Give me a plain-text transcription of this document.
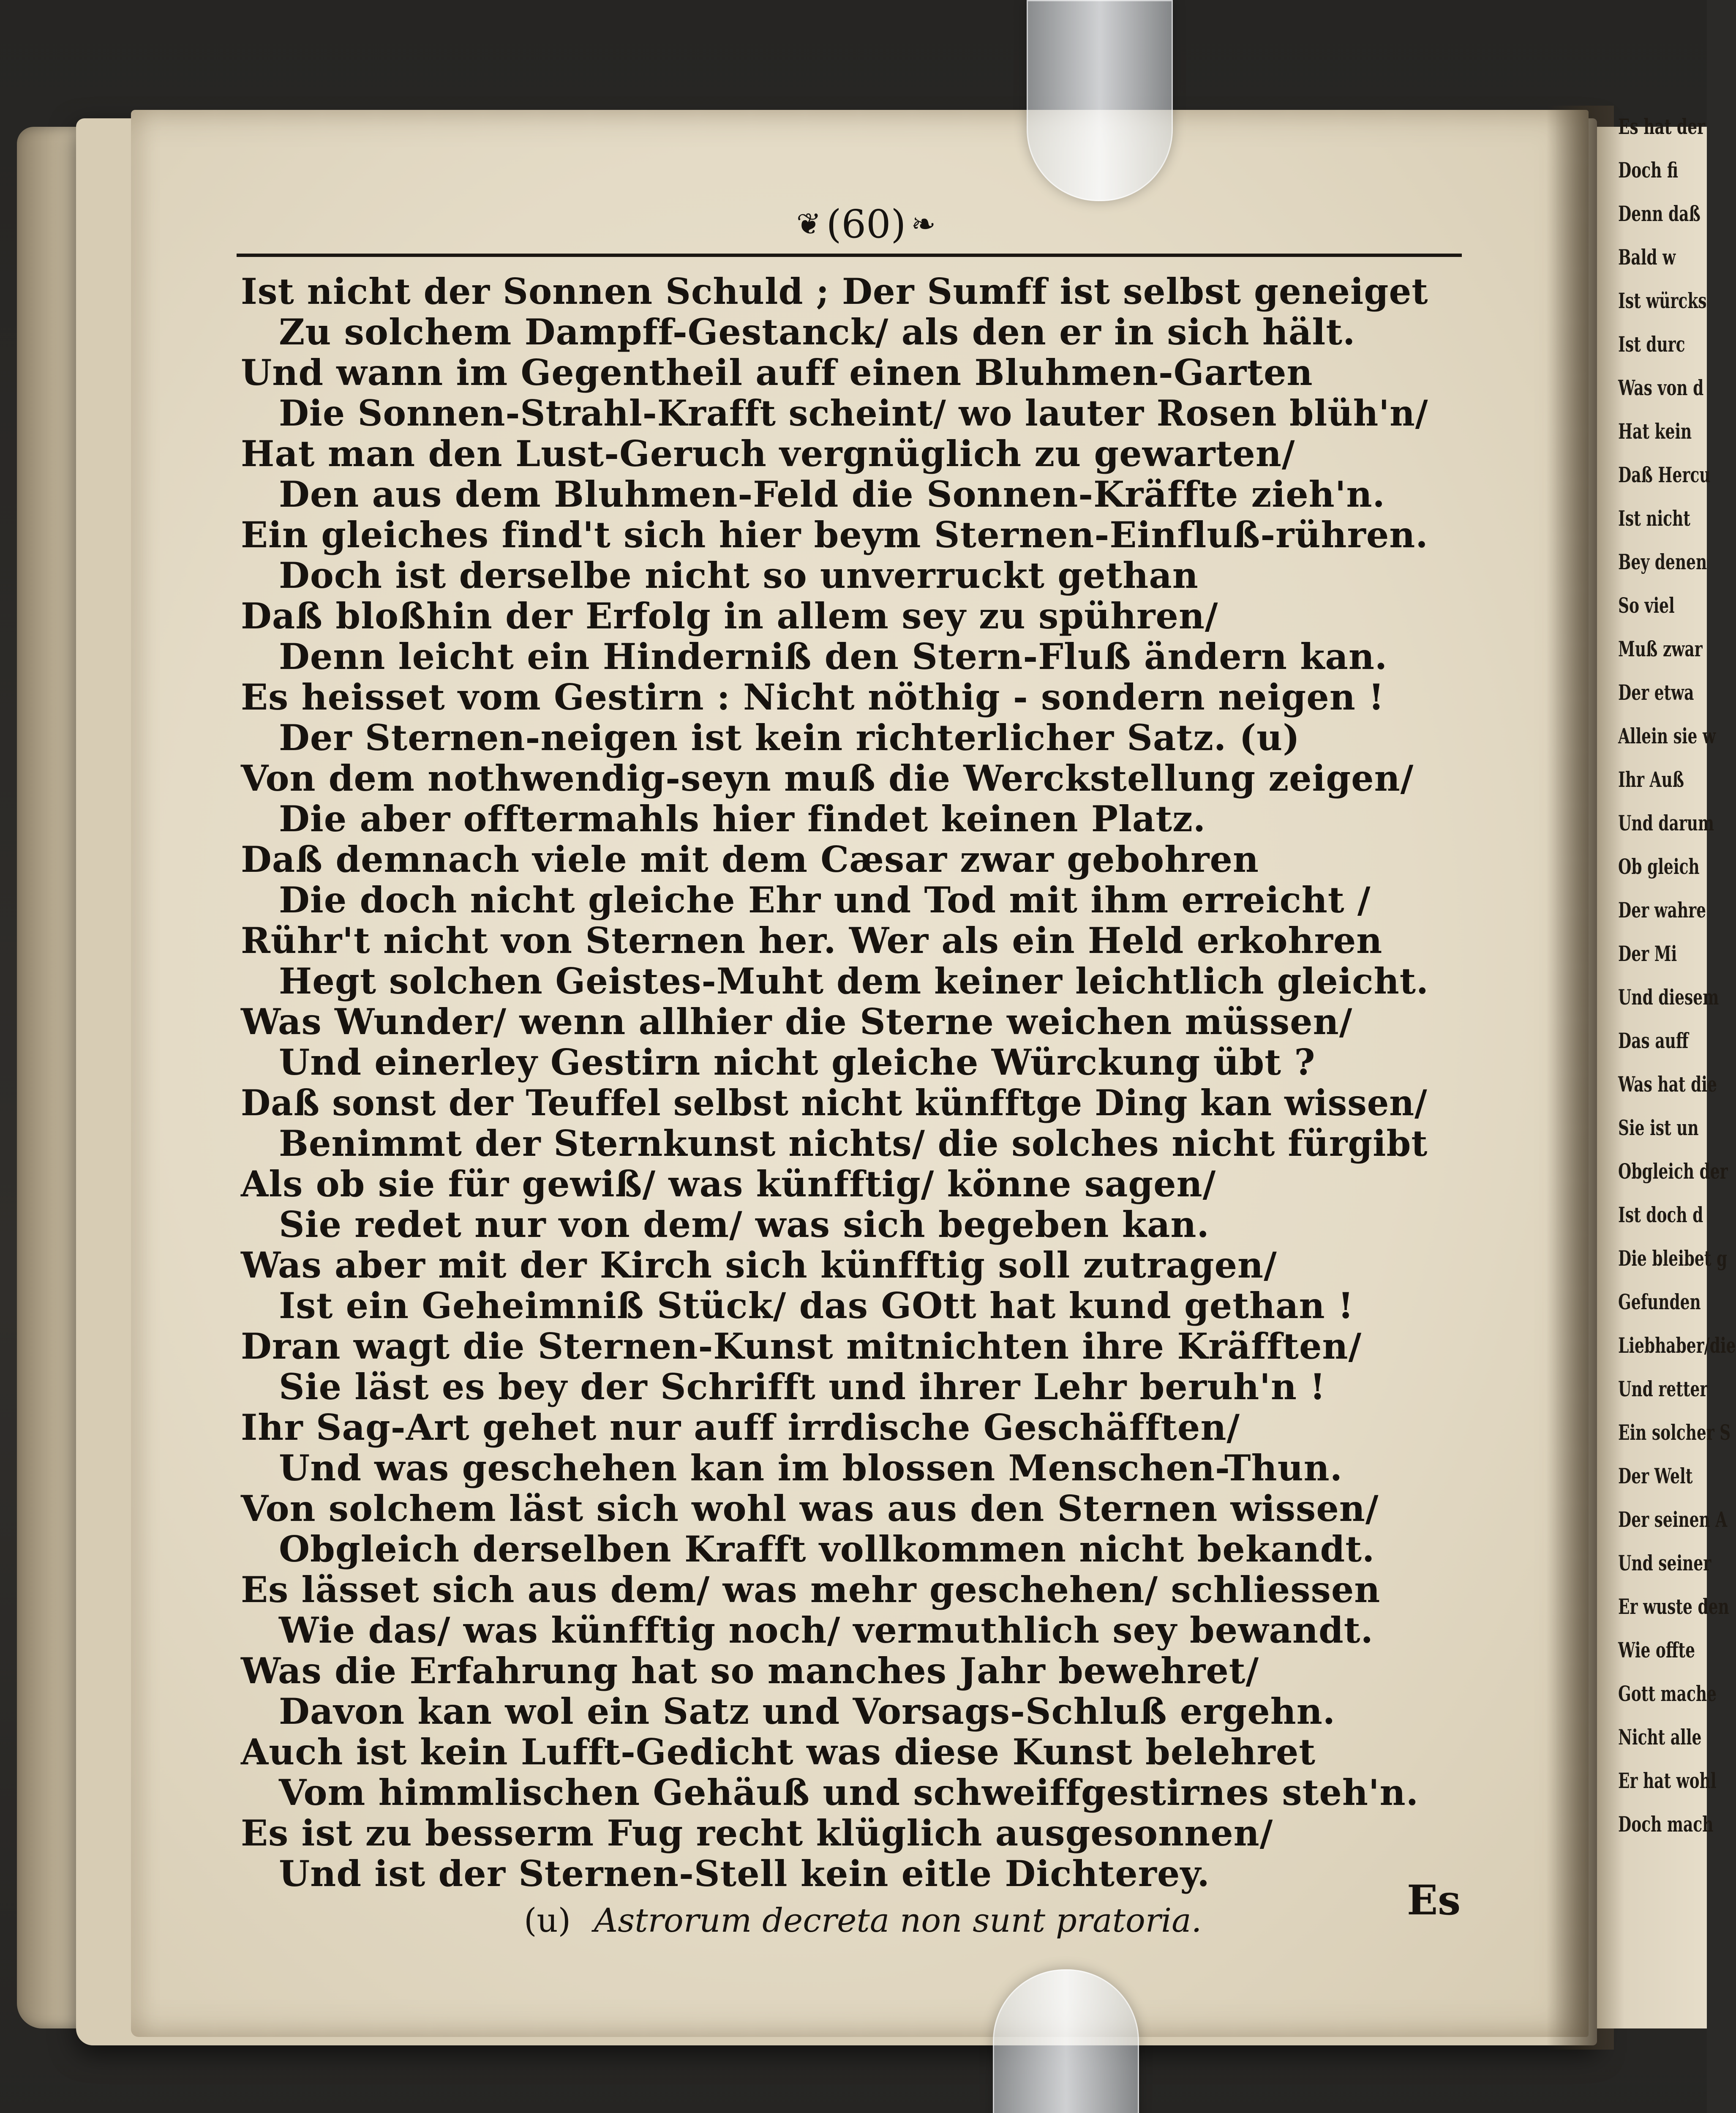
Es hat der
Doch fi
Denn daß
Bald w
Ist würcks
Ist durc
Was von d
Hat kein
Daß Hercu
Ist nicht
Bey denen
So viel
Muß zwar
Der etwa
Allein sie w
Ihr Auß
Und darum
Ob gleich
Der wahre
Der Mi
Und diesem
Das auff
Was hat die
Sie ist un
Obgleich der
Ist doch d
Die bleibet g
Gefunden
Liebhaber/die
Und retter
Ein solcher S
Der Welt
Der seinen A
Und seiner
Er wuste den
Wie offte
Gott mache
Nicht alle
Er hat wohl
Doch mach
❦ (60) ❧
Ist nicht der Sonnen Schuld ; Der Sumff ist selbst geneiget
Zu solchem Dampff-Gestanck/ als den er in sich hält.
Und wann im Gegentheil auff einen Bluhmen-Garten
Die Sonnen-Strahl-Krafft scheint/ wo lauter Rosen blüh'n/
Hat man den Lust-Geruch vergnüglich zu gewarten/
Den aus dem Bluhmen-Feld die Sonnen-Kräffte zieh'n.
Ein gleiches find't sich hier beym Sternen-Einfluß-rühren.
Doch ist derselbe nicht so unverruckt gethan
Daß bloßhin der Erfolg in allem sey zu spühren/
Denn leicht ein Hinderniß den Stern-Fluß ändern kan.
Es heisset vom Gestirn : Nicht nöthig - sondern neigen !
Der Sternen-neigen ist kein richterlicher Satz. (u)
Von dem nothwendig-seyn muß die Werckstellung zeigen/
Die aber offtermahls hier findet keinen Platz.
Daß demnach viele mit dem Cæsar zwar gebohren
Die doch nicht gleiche Ehr und Tod mit ihm erreicht /
Rühr't nicht von Sternen her. Wer als ein Held erkohren
Hegt solchen Geistes-Muht dem keiner leichtlich gleicht.
Was Wunder/ wenn allhier die Sterne weichen müssen/
Und einerley Gestirn nicht gleiche Würckung übt ?
Daß sonst der Teuffel selbst nicht künfftge Ding kan wissen/
Benimmt der Sternkunst nichts/ die solches nicht fürgibt
Als ob sie für gewiß/ was künfftig/ könne sagen/
Sie redet nur von dem/ was sich begeben kan.
Was aber mit der Kirch sich künfftig soll zutragen/
Ist ein Geheimniß Stück/ das GOtt hat kund gethan !
Dran wagt die Sternen-Kunst mitnichten ihre Kräfften/
Sie läst es bey der Schrifft und ihrer Lehr beruh'n !
Ihr Sag-Art gehet nur auff irrdische Geschäfften/
Und was geschehen kan im blossen Menschen-Thun.
Von solchem läst sich wohl was aus den Sternen wissen/
Obgleich derselben Krafft vollkommen nicht bekandt.
Es lässet sich aus dem/ was mehr geschehen/ schliessen
Wie das/ was künfftig noch/ vermuthlich sey bewandt.
Was die Erfahrung hat so manches Jahr bewehret/
Davon kan wol ein Satz und Vorsags-Schluß ergehn.
Auch ist kein Lufft-Gedicht was diese Kunst belehret
Vom himmlischen Gehäuß und schweiffgestirnes steh'n.
Es ist zu besserm Fug recht klüglich ausgesonnen/
Und ist der Sternen-Stell kein eitle Dichterey.
Es
(u) Astrorum decreta non sunt pratoria.
